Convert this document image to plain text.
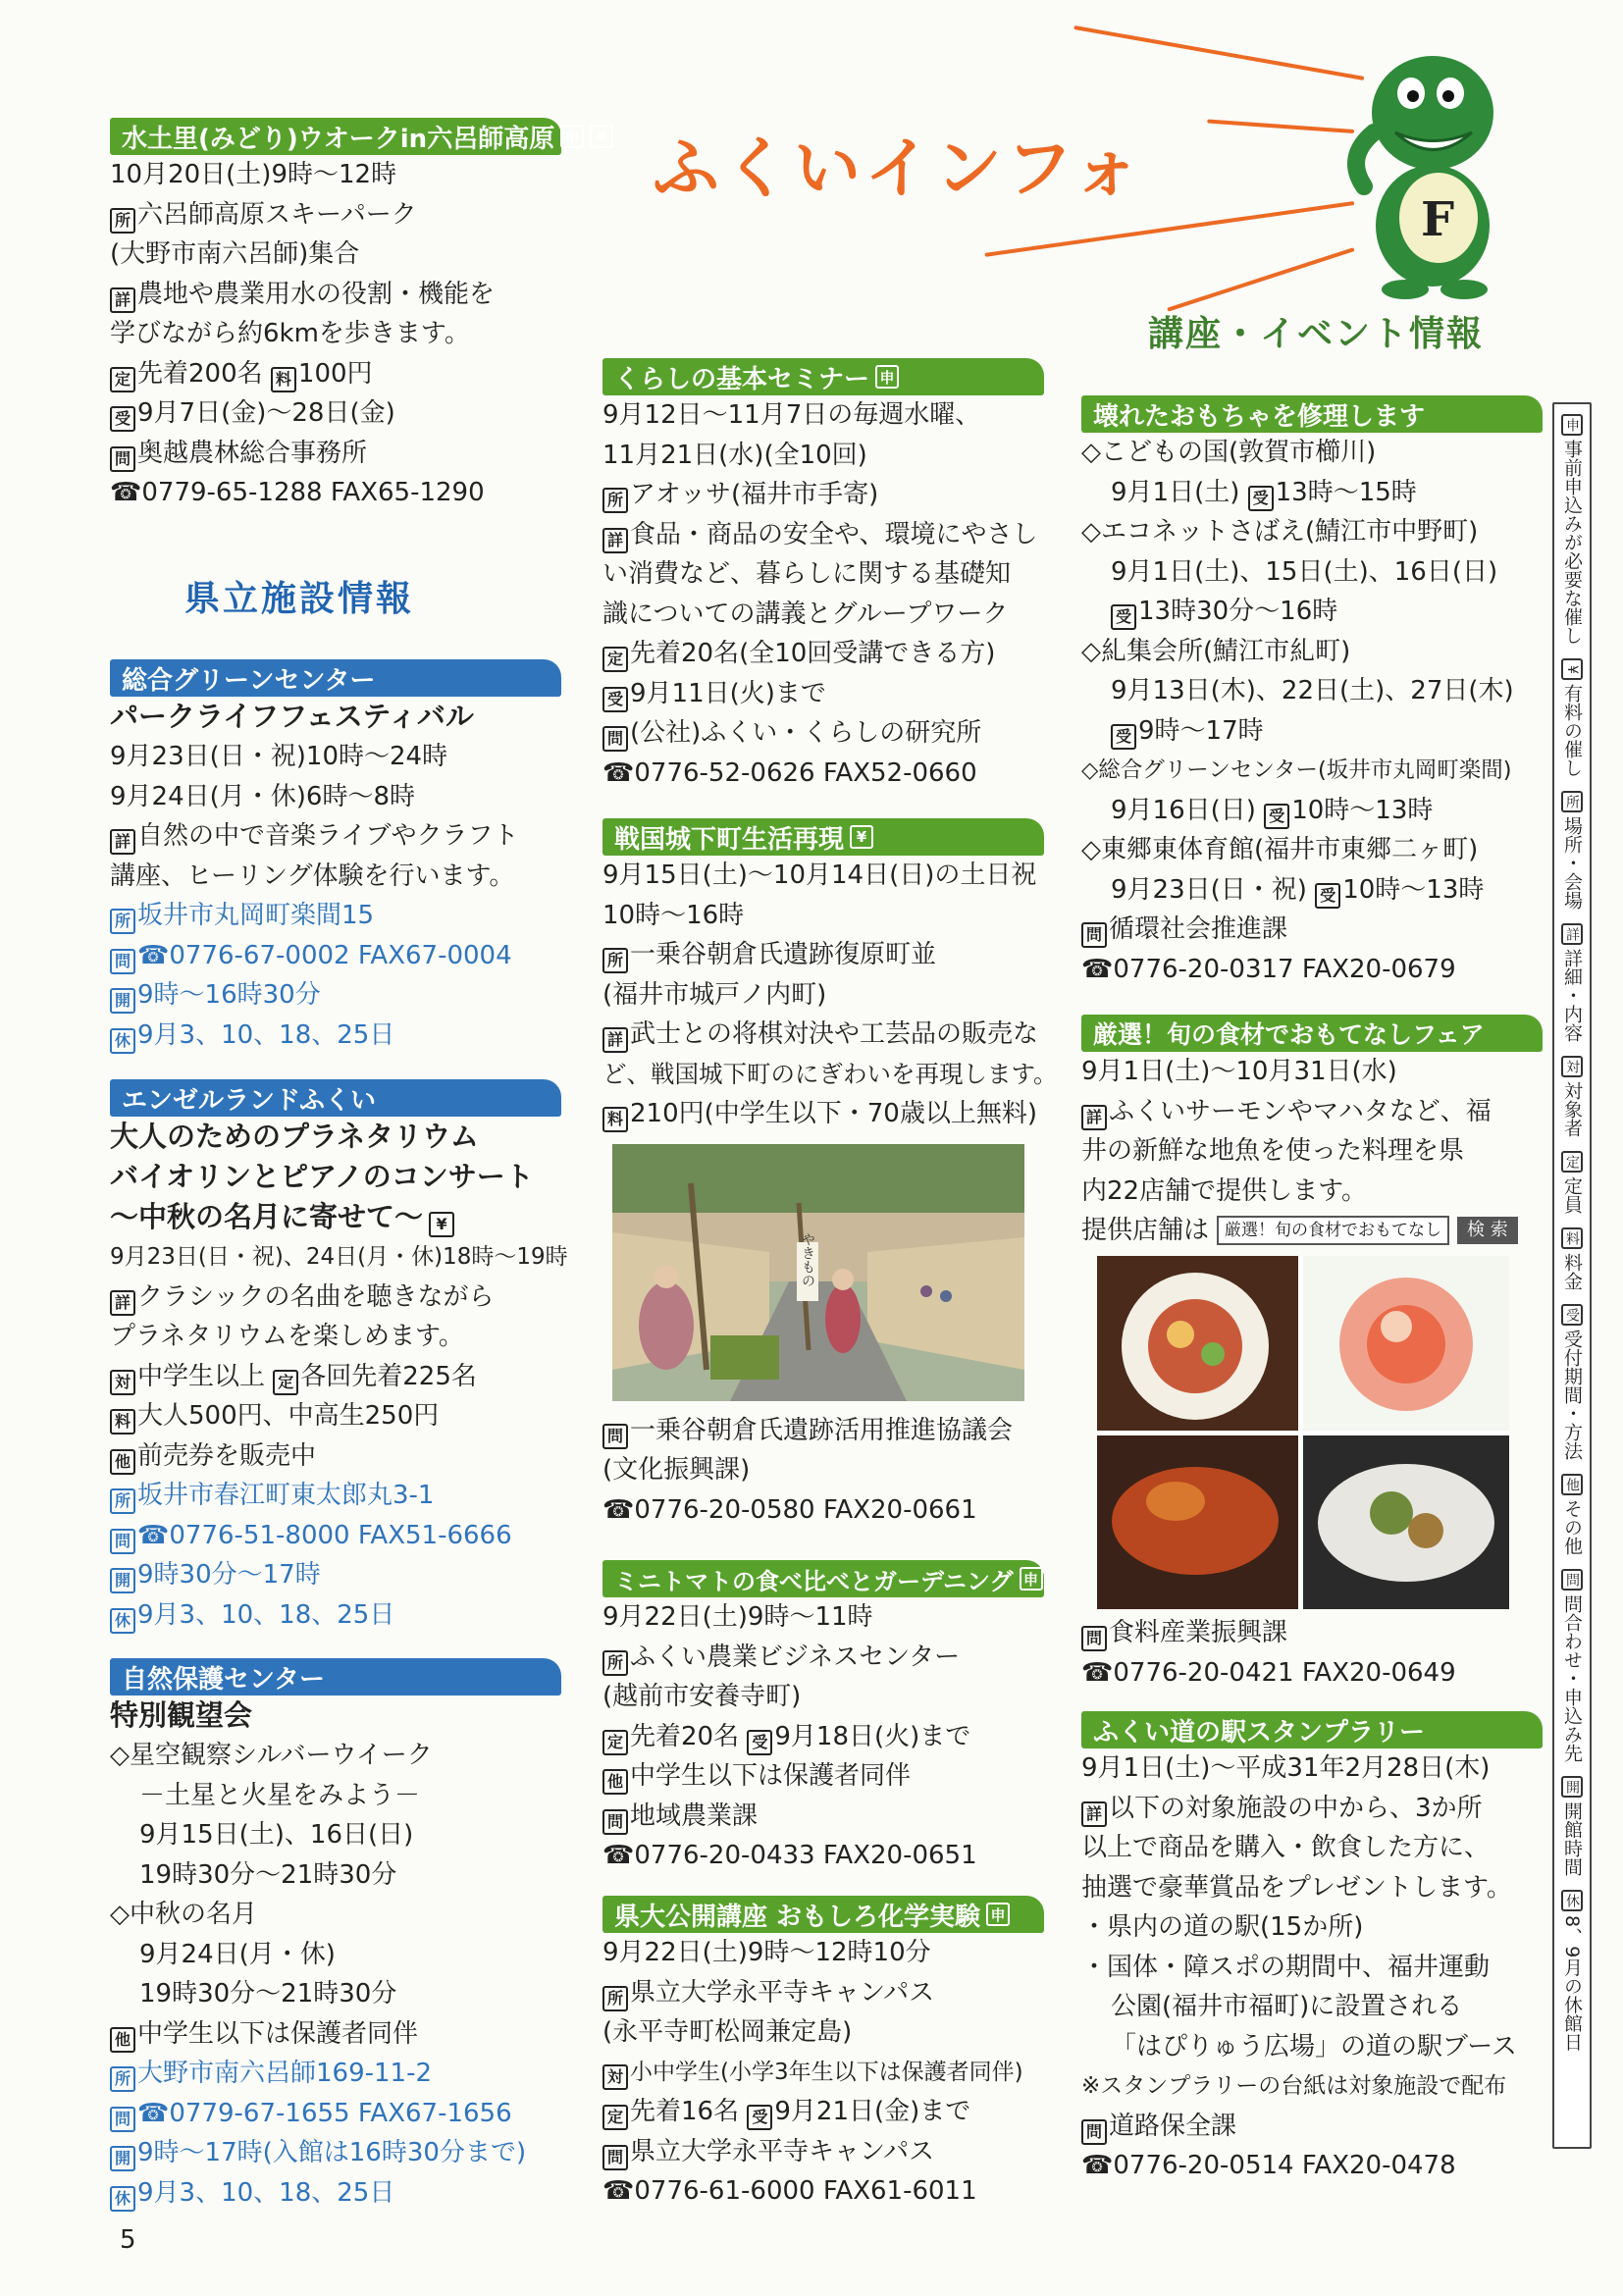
ふくいインフォ
F
県立施設情報
講座・イベント情報
水土里(みどり)ウオークin六呂師高原 申	¥
10月20日(土)9時～12時
所 六呂師高原スキーパーク
(大野市南六呂師)集合
詳 農地や農業用水の役割・機能を
学びながら約6kmを歩きます。
定 先着200名 料 100円
受 9月7日(金)～28日(金)
問 奥越農林総合事務所
☎0779-65-1288 FAX65-1290
総合グリーンセンター
パークライフフェスティバル
9月23日(日・祝)10時～24時
9月24日(月・休)6時～8時
詳 自然の中で音楽ライブやクラフト
講座、ヒーリング体験を行います。
所 坂井市丸岡町楽間15
問 ☎0776-67-0002 FAX67-0004
開 9時～16時30分
休 9月3、10、18、25日
エンゼルランドふくい
大人のためのプラネタリウム
バイオリンとピアノのコンサート
～中秋の名月に寄せて～ ¥
9月23日(日・祝)、24日(月・休)18時～19時
詳 クラシックの名曲を聴きながら
プラネタリウムを楽しめます。
対 中学生以上 定 各回先着225名
料 大人500円、中高生250円
他 前売券を販売中
所 坂井市春江町東太郎丸3-1
問 ☎0776-51-8000 FAX51-6666
開 9時30分～17時
休 9月3、10、18、25日
自然保護センター
特別観望会
◇星空観察シルバーウイーク
－土星と火星をみよう－
9月15日(土)、16日(日)
19時30分～21時30分
◇中秋の名月
9月24日(月・休)
19時30分～21時30分
他 中学生以下は保護者同伴
所 大野市南六呂師169-11-2
問 ☎0779-67-1655 FAX67-1656
開 9時～17時(入館は16時30分まで)
休 9月3、10、18、25日
くらしの基本セミナー 申
9月12日～11月7日の毎週水曜、
11月21日(水)(全10回)
所 アオッサ(福井市手寄)
詳 食品・商品の安全や、環境にやさし
い消費など、暮らしに関する基礎知
識についての講義とグループワーク
定 先着20名(全10回受講できる方)
受 9月11日(火)まで
問 (公社)ふくい・くらしの研究所
☎0776-52-0626 FAX52-0660
戦国城下町生活再現 ¥
9月15日(土)～10月14日(日)の土日祝
10時～16時
所 一乗谷朝倉氏遺跡復原町並
(福井市城戸ノ内町)
詳 武士との将棋対決や工芸品の販売な
ど、戦国城下町のにぎわいを再現します。
料 210円(中学生以下・70歳以上無料)
やきもの
問 一乗谷朝倉氏遺跡活用推進協議会
(文化振興課)
☎0776-20-0580 FAX20-0661
ミニトマトの食べ比べとガーデニング 申
9月22日(土)9時～11時
所 ふくい農業ビジネスセンター
(越前市安養寺町)
定 先着20名 受 9月18日(火)まで
他 中学生以下は保護者同伴
問 地域農業課
☎0776-20-0433 FAX20-0651
県大公開講座 おもしろ化学実験 申
9月22日(土)9時～12時10分
所 県立大学永平寺キャンパス
(永平寺町松岡兼定島)
対 小中学生(小学3年生以下は保護者同伴)
定 先着16名 受 9月21日(金)まで
問 県立大学永平寺キャンパス
☎0776-61-6000 FAX61-6011
壊れたおもちゃを修理します
◇こどもの国(敦賀市櫛川)
9月1日(土) 受 13時～15時
◇エコネットさばえ(鯖江市中野町)
9月1日(土)、15日(土)、16日(日)
受 13時30分～16時
◇糺集会所(鯖江市糺町)
9月13日(木)、22日(土)、27日(木)
受 9時～17時
◇総合グリーンセンター(坂井市丸岡町楽間)
9月16日(日) 受 10時～13時
◇東郷東体育館(福井市東郷二ヶ町)
9月23日(日・祝) 受 10時～13時
問 循環社会推進課
☎0776-20-0317 FAX20-0679
厳選！旬の食材でおもてなしフェア
9月1日(土)～10月31日(水)
詳 ふくいサーモンやマハタなど、福
井の新鮮な地魚を使った料理を県
内22店舗で提供します。
提供店舗は 厳選！旬の食材でおもてなし	検 索
問 食料産業振興課
☎0776-20-0421 FAX20-0649
ふくい道の駅スタンプラリー
9月1日(土)～平成31年2月28日(木)
詳 以下の対象施設の中から、3か所
以上で商品を購入・飲食した方に、
抽選で豪華賞品をプレゼントします。
・県内の道の駅(15か所)
・国体・障スポの期間中、福井運動
公園(福井市福町)に設置される
「はぴりゅう広場」の道の駅ブース
※スタンプラリーの台紙は対象施設で配布
問 道路保全課
☎0776-20-0514 FAX20-0478
申事前申込みが必要な催し
¥有料の催し
所場所・会場
詳詳細・内容
対対象者
定定員
料料金
受受付期間・方法
他その他
問問合わせ・申込み先
開開館時間
休8、9月の休館日
5
